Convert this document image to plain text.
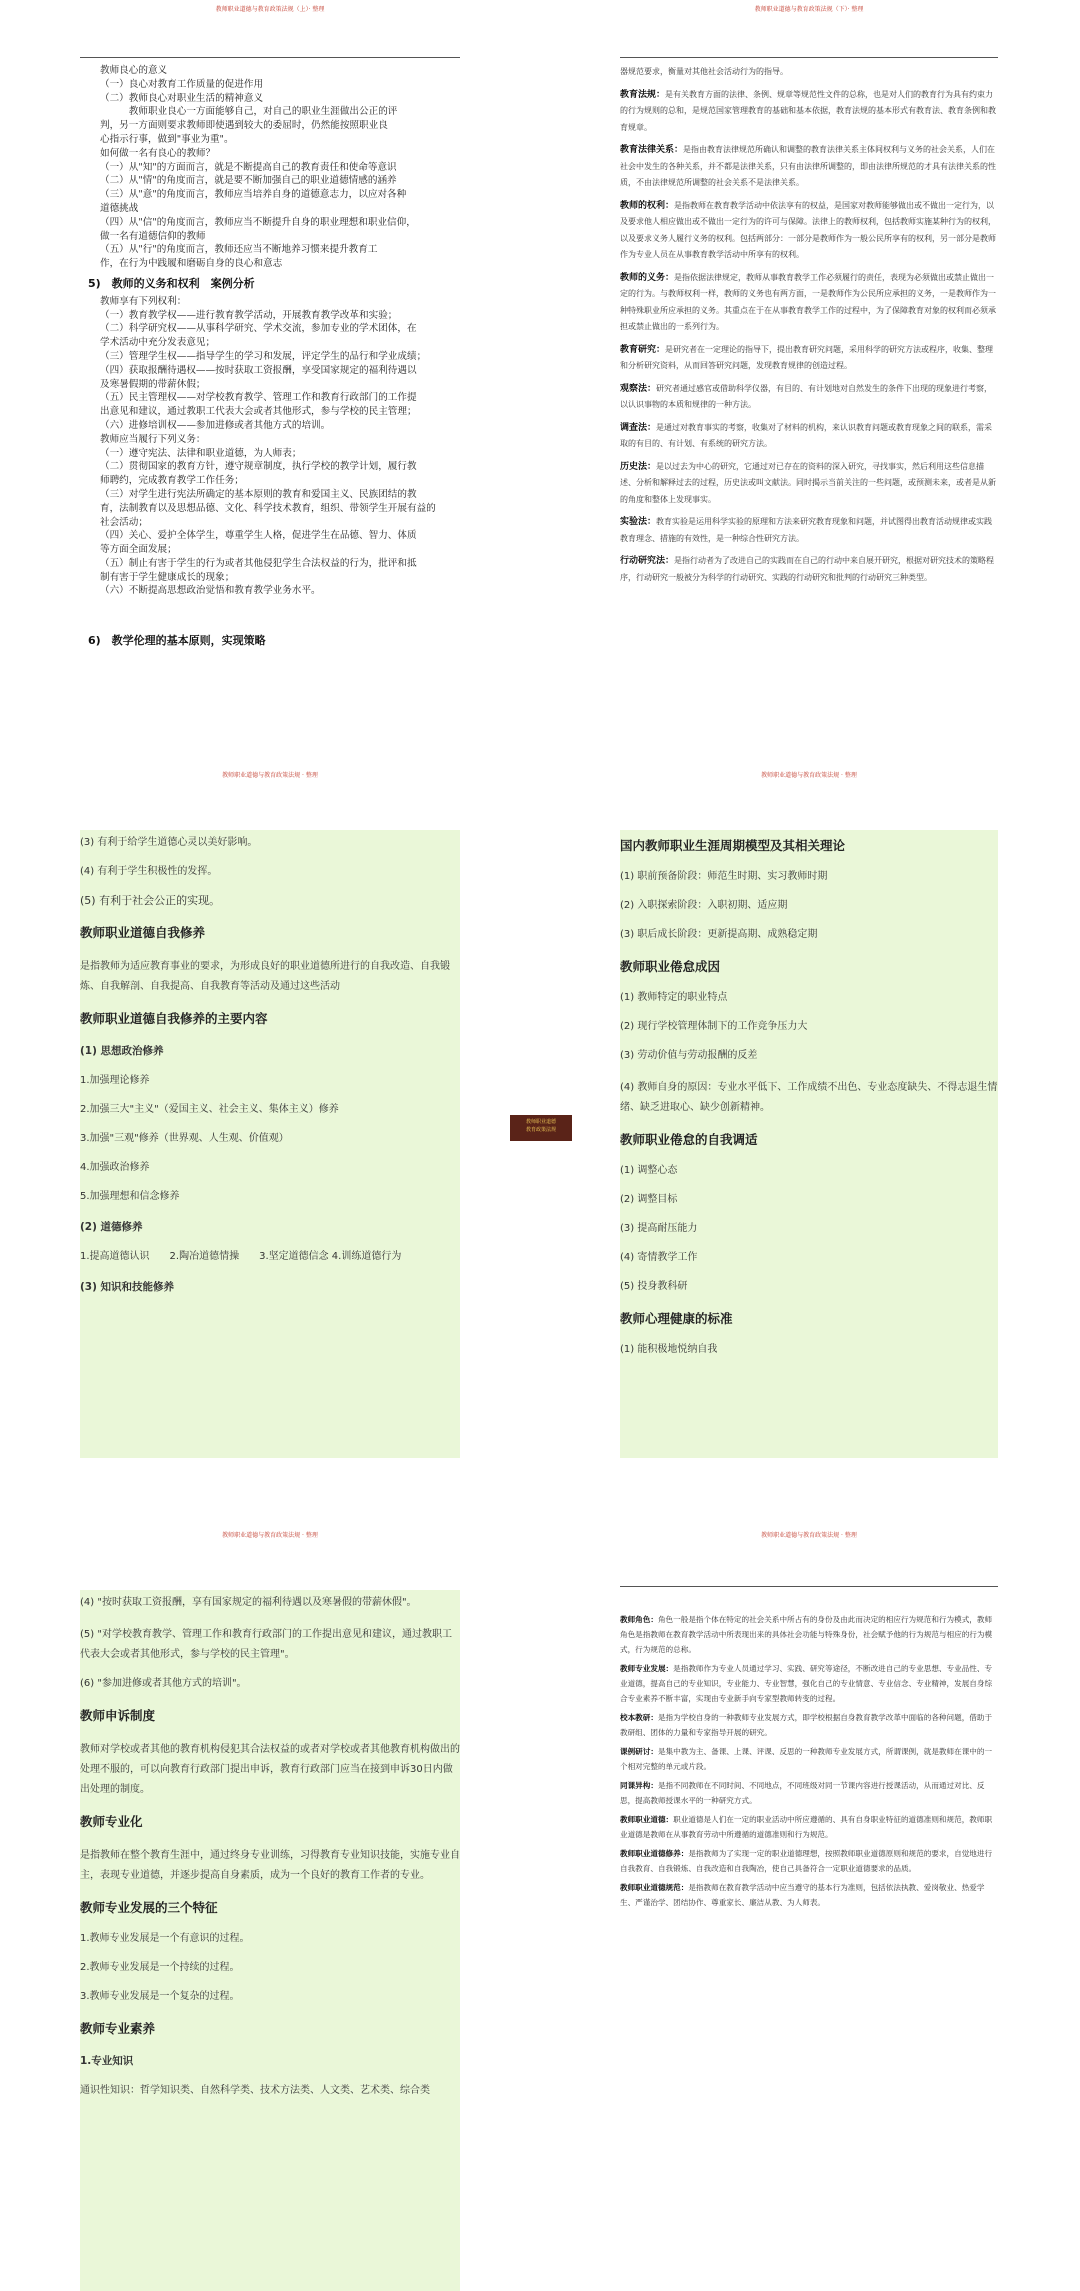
教师职业道德与教育政策法规（上）· 整理
教师良心的意义
（一）良心对教育工作质量的促进作用
（二）教师良心对职业生活的精神意义
　　　教师职业良心一方面能够自己，对自己的职业生涯做出公正的评
判，另一方面则要求教师即使遇到较大的委屈时，仍然能按照职业良
心指示行事，做到"事业为重"。
如何做一名有良心的教师？
（一）从"知"的方面而言，就是不断提高自己的教育责任和使命等意识
（二）从"情"的角度而言，就是要不断加强自己的职业道德情感的涵养
（三）从"意"的角度而言，教师应当培养自身的道德意志力，以应对各种
道德挑战
（四）从"信"的角度而言，教师应当不断提升自身的职业理想和职业信仰，
做一名有道德信仰的教师
（五）从"行"的角度而言，教师还应当不断地养习惯来提升教育工
作，在行为中践履和磨砺自身的良心和意志
5)　教师的义务和权利　案例分析
教师享有下列权利：
（一）教育教学权——进行教育教学活动，开展教育教学改革和实验；
（二）科学研究权——从事科学研究、学术交流，参加专业的学术团体，在
学术活动中充分发表意见；
（三）管理学生权——指导学生的学习和发展，评定学生的品行和学业成绩；
（四）获取报酬待遇权——按时获取工资报酬，享受国家规定的福利待遇以
及寒暑假期的带薪休假；
（五）民主管理权——对学校教育教学、管理工作和教育行政部门的工作提
出意见和建议，通过教职工代表大会或者其他形式，参与学校的民主管理；
（六）进修培训权——参加进修或者其他方式的培训。
教师应当履行下列义务：
（一）遵守宪法、法律和职业道德，为人师表；
（二）贯彻国家的教育方针，遵守规章制度，执行学校的教学计划，履行教
师聘约，完成教育教学工作任务；
（三）对学生进行宪法所确定的基本原则的教育和爱国主义、民族团结的教
育，法制教育以及思想品德、文化、科学技术教育，组织、带领学生开展有益的
社会活动；
（四）关心、爱护全体学生，尊重学生人格，促进学生在品德、智力、体质
等方面全面发展；
（五）制止有害于学生的行为或者其他侵犯学生合法权益的行为，批评和抵
制有害于学生健康成长的现象；
（六）不断提高思想政治觉悟和教育教学业务水平。
6)　教学伦理的基本原则，实现策略
教师职业道德与教育政策法规（下）· 整理
器规范要求，衡量对其他社会活动行为的指导。
教育法规：是有关教育方面的法律、条例、规章等规范性文件的总称，也是对人们的教育行为具有约束力的行为规则的总和，是规范国家管理教育的基础和基本依据，教育法规的基本形式有教育法、教育条例和教育规章。
教育法律关系：是指由教育法律规范所确认和调整的教育法律关系主体间权利与义务的社会关系，人们在社会中发生的各种关系，并不都是法律关系，只有由法律所调整的，即由法律所规范的才具有法律关系的性质，不由法律规范所调整的社会关系不是法律关系。
教师的权利：是指教师在教育教学活动中依法享有的权益，是国家对教师能够做出或不做出一定行为，以及要求他人相应做出或不做出一定行为的许可与保障。法律上的教师权利，包括教师实施某种行为的权利，以及要求义务人履行义务的权利。包括两部分：一部分是教师作为一般公民所享有的权利，另一部分是教师作为专业人员在从事教育教学活动中所享有的权利。
教师的义务：是指依据法律规定，教师从事教育教学工作必须履行的责任，表现为必须做出或禁止做出一定的行为。与教师权利一样，教师的义务也有两方面，一是教师作为公民所应承担的义务，一是教师作为一种特殊职业所应承担的义务。其重点在于在从事教育教学工作的过程中，为了保障教育对象的权利而必须承担或禁止做出的一系列行为。
教育研究：是研究者在一定理论的指导下，提出教育研究问题，采用科学的研究方法或程序，收集、整理和分析研究资料，从而回答研究问题，发现教育规律的创造过程。
观察法：研究者通过感官或借助科学仪器，有目的、有计划地对自然发生的条件下出现的现象进行考察，以认识事物的本质和规律的一种方法。
调查法：是通过对教育事实的考察，收集对了材料的机构，来认识教育问题或教育现象之间的联系，需采取的有目的、有计划、有系统的研究方法。
历史法：是以过去为中心的研究，它通过对已存在的资料的深入研究，寻找事实，然后利用这些信息描述、分析和解释过去的过程，历史法或叫文献法。同时揭示当前关注的一些问题，或预测未来，或者是从新的角度和整体上发现事实。
实验法：教育实验是运用科学实验的原理和方法来研究教育现象和问题，并试图得出教育活动规律或实践教育理念、措施的有效性，是一种综合性研究方法。
行动研究法：是指行动者为了改进自己的实践而在自己的行动中来自展开研究，根据对研究技术的策略程序，行动研究一般被分为科学的行动研究、实践的行动研究和批判的行动研究三种类型。
教师职业道德与教育政策法规 · 整理
(3) 有利于给学生道德心灵以美好影响。
(4) 有利于学生积极性的发挥。
(5) 有利于社会公正的实现。
教师职业道德自我修养
是指教师为适应教育事业的要求，为形成良好的职业道德所进行的自我改造、自我锻炼、自我解剖、自我提高、自我教育等活动及通过这些活动
教师职业道德自我修养的主要内容
(1) 思想政治修养
1.加强理论修养
2.加强三大"主义"（爱国主义、社会主义、集体主义）修养
3.加强"三观"修养（世界观、人生观、价值观）
4.加强政治修养
5.加强理想和信念修养
(2) 道德修养
1.提高道德认识　　2.陶冶道德情操　　3.坚定道德信念 4.训练道德行为
(3) 知识和技能修养
教师职业道德
教育政策法规
教师职业道德与教育政策法规 · 整理
国内教师职业生涯周期模型及其相关理论
(1) 职前预备阶段：师范生时期、实习教师时期
(2) 入职探索阶段：入职初期、适应期
(3) 职后成长阶段：更新提高期、成熟稳定期
教师职业倦怠成因
(1) 教师特定的职业特点
(2) 现行学校管理体制下的工作竞争压力大
(3) 劳动价值与劳动报酬的反差
(4) 教师自身的原因：专业水平低下、工作成绩不出色、专业态度缺失、不得志退生情绪、缺乏进取心、缺少创新精神。
教师职业倦怠的自我调适
(1) 调整心态
(2) 调整目标
(3) 提高耐压能力
(4) 寄情教学工作
(5) 投身教科研
教师心理健康的标准
(1) 能积极地悦纳自我
教师职业道德与教育政策法规 · 整理
(4) "按时获取工资报酬，享有国家规定的福利待遇以及寒暑假的带薪休假"。
(5) "对学校教育教学、管理工作和教育行政部门的工作提出意见和建议，通过教职工代表大会或者其他形式，参与学校的民主管理"。
(6) "参加进修或者其他方式的培训"。
教师申诉制度
教师对学校或者其他的教育机构侵犯其合法权益的或者对学校或者其他教育机构做出的处理不服的，可以向教育行政部门提出申诉，教育行政部门应当在接到申诉30日内做出处理的制度。
教师专业化
是指教师在整个教育生涯中，通过终身专业训练，习得教育专业知识技能，实施专业自主，表现专业道德，并逐步提高自身素质，成为一个良好的教育工作者的专业。
教师专业发展的三个特征
1.教师专业发展是一个有意识的过程。
2.教师专业发展是一个持续的过程。
3.教师专业发展是一个复杂的过程。
教师专业素养
1.专业知识
通识性知识：哲学知识类、自然科学类、技术方法类、人文类、艺术类、综合类
教师职业道德与教育政策法规 · 整理
教师角色：角色一般是指个体在特定的社会关系中所占有的身份及由此而决定的相应行为规范和行为模式，教师角色是指教师在教育教学活动中所表现出来的具体社会功能与特殊身份，社会赋予他的行为规范与相应的行为模式，行为规范的总称。
教师专业发展：是指教师作为专业人员通过学习、实践、研究等途径，不断改进自己的专业思想、专业品性、专业道德，提高自己的专业知识，专业能力、专业智慧，强化自己的专业情意、专业信念、专业精神，发展自身综合专业素养不断丰富，实现由专业新手向专家型教师转变的过程。
校本教研：是指为学校自身的一种教师专业发展方式，即学校根据自身教育教学改革中面临的各种问题，借助于教研组、团体的力量和专家指导开展的研究。
课例研讨：是集中教为主、备课、上课、评课、反思的一种教师专业发展方式，所谓课例，就是教师在课中的一个相对完整的单元或片段。
同课异构：是指不同教师在不同时间、不同地点，不同班级对同一节课内容进行授课活动，从而通过对比、反思，提高教师授课水平的一种研究方式。
教师职业道德：职业道德是人们在一定的职业活动中所应遵循的、具有自身职业特征的道德准则和规范，教师职业道德是教师在从事教育劳动中所遵循的道德准则和行为规范。
教师职业道德修养：是指教师为了实现一定的职业道德理想，按照教师职业道德原则和规范的要求，自觉地进行自我教育、自我锻炼、自我改造和自我陶冶，使自己具备符合一定职业道德要求的品质。
教师职业道德规范：是指教师在教育教学活动中应当遵守的基本行为准则，包括依法执教、爱岗敬业、热爱学生、严谨治学、团结协作、尊重家长、廉洁从教、为人师表。
